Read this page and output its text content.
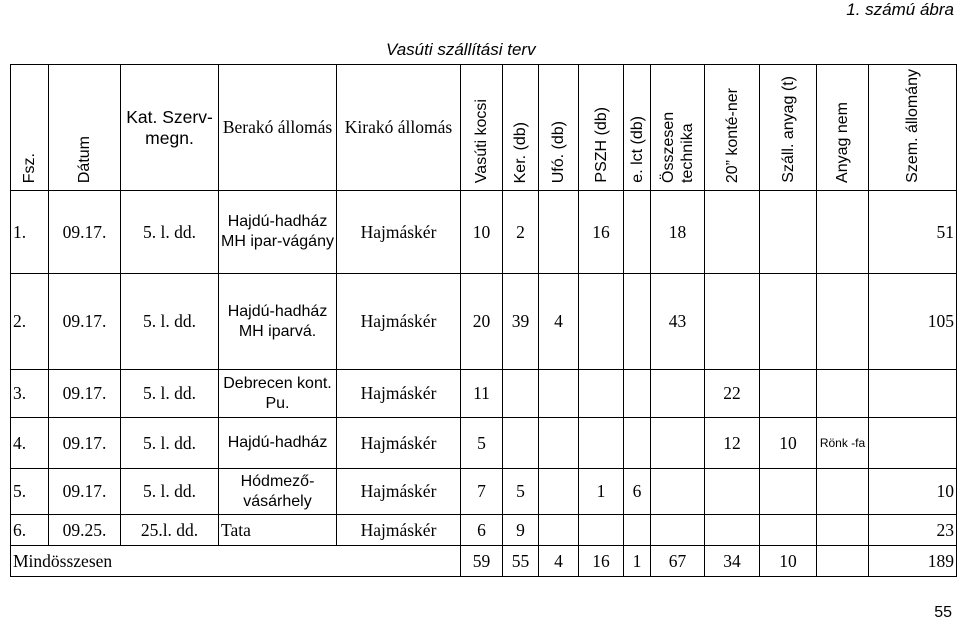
1. számú ábra
Vasúti szállítási terv
Fsz.	Dátum	Kat. Szerv-megn.	Berakó állomás	Kirakó állomás	Vasúti kocsi	Ker. (db)	Ufó. (db)	PSZH (db)	e. lct (db)	Összesen technika	20” konté-ner	Száll. anyag (t)	Anyag nem	Szem. állomány
1.	09.17.	5. l. dd.	Hajdú-hadház MH ipar-vágány	Hajmáskér	10	2		16		18				51
2.	09.17.	5. l. dd.	Hajdú-hadház MH iparvá.	Hajmáskér	20	39	4			43				105
3.	09.17.	5. l. dd.	Debrecen kont. Pu.	Hajmáskér	11						22			
4.	09.17.	5. l. dd.	Hajdú-hadház	Hajmáskér	5						12	10	Rönk -fa	
5.	09.17.	5. l. dd.	Hódmező-vásárhely	Hajmáskér	7	5		1	6					10
6.	09.25.	25.l. dd.	Tata	Hajmáskér	6	9								23
Mindösszesen					59	55	4	16	1	67	34	10		189
55
